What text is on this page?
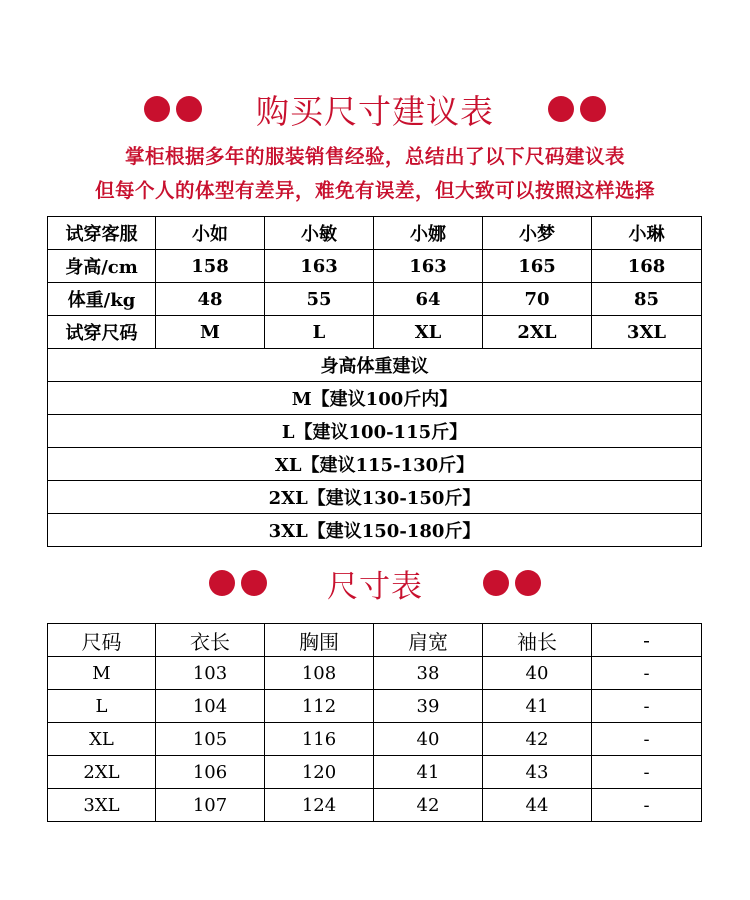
购买尺寸建议表
掌柜根据多年的服装销售经验，总结出了以下尺码建议表
但每个人的体型有差异，难免有误差，但大致可以按照这样选择
试穿客服	小如	小敏	小娜	小梦	小琳
身高/cm	158	163	163	165	168
体重/kg	48	55	64	70	85
试穿尺码	M	L	XL	2XL	3XL
身高体重建议					
M【建议100斤内】					
L【建议100-115斤】					
XL【建议115-130斤】					
2XL【建议130-150斤】					
3XL【建议150-180斤】					
尺寸表
尺码	衣长	胸围	肩宽	袖长	-
M	103	108	38	40	-
L	104	112	39	41	-
XL	105	116	40	42	-
2XL	106	120	41	43	-
3XL	107	124	42	44	-
